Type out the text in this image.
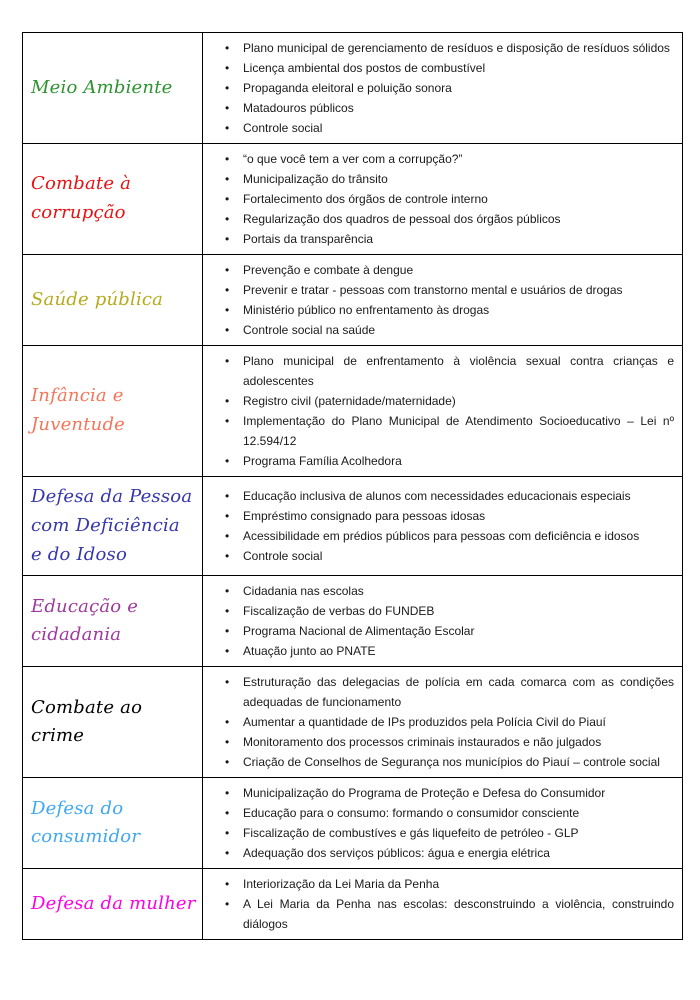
Meio Ambiente	
• Plano municipal de gerenciamento de resíduos e disposição de resíduos sólidos
• Licença ambiental dos postos de combustível
• Propaganda eleitoral e poluição sonora
• Matadouros públicos
• Controle social

Combate à corrupção	
• “o que você tem a ver com a corrupção?”
• Municipalização do trânsito
• Fortalecimento dos órgãos de controle interno
• Regularização dos quadros de pessoal dos órgãos públicos
• Portais da transparência

Saúde pública	
• Prevenção e combate à dengue
• Prevenir e tratar - pessoas com transtorno mental e usuários de drogas
• Ministério público no enfrentamento às drogas
• Controle social na saúde

Infância e Juventude	
• Plano municipal de enfrentamento à violência sexual contra crianças e adolescentes
• Registro civil (paternidade/maternidade)
• Implementação do Plano Municipal de Atendimento Socioeducativo – Lei nº 12.594/12
• Programa Família Acolhedora

Defesa da Pessoa com Deficiência e do Idoso	
• Educação inclusiva de alunos com necessidades educacionais especiais
• Empréstimo consignado para pessoas idosas
• Acessibilidade em prédios públicos para pessoas com deficiência e idosos
• Controle social

Educação e cidadania	
• Cidadania nas escolas
• Fiscalização de verbas do FUNDEB
• Programa Nacional de Alimentação Escolar
• Atuação junto ao PNATE

Combate ao crime	
• Estruturação das delegacias de polícia em cada comarca com as condições adequadas de funcionamento
• Aumentar a quantidade de IPs produzidos pela Polícia Civil do Piauí
• Monitoramento dos processos criminais instaurados e não julgados
• Criação de Conselhos de Segurança nos municípios do Piauí – controle social

Defesa do consumidor	
• Municipalização do Programa de Proteção e Defesa do Consumidor
• Educação para o consumo: formando o consumidor consciente
• Fiscalização de combustíves e gás liquefeito de petróleo - GLP
• Adequação dos serviços públicos: água e energia elétrica

Defesa da mulher	
• Interiorização da Lei Maria da Penha
• A Lei Maria da Penha nas escolas: desconstruindo a violência, construindo diálogos
